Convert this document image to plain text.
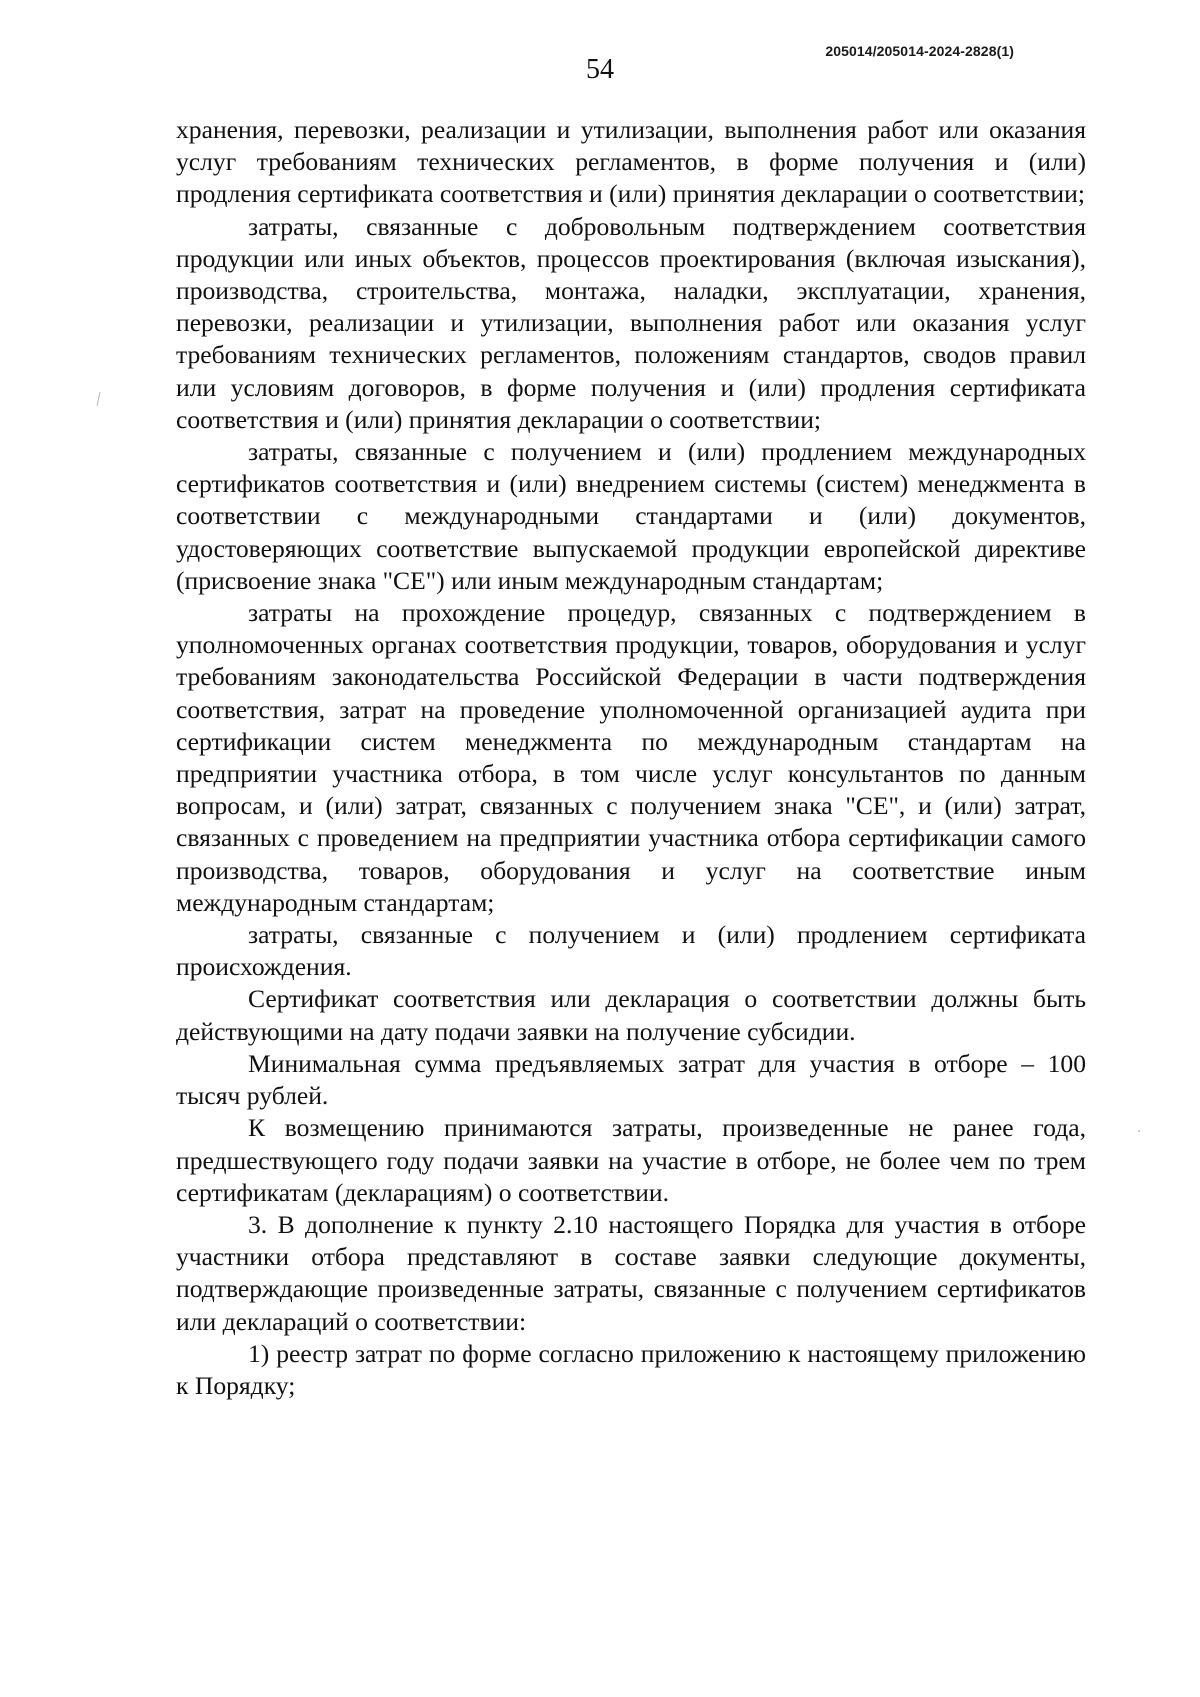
205014/205014-2024-2828(1)
54

хранения, перевозки, реализации и утилизации, выполнения работ или оказания услуг требованиям технических регламентов, в форме получения и (или) продления сертификата соответствия и (или) принятия декларации о соответствии;

затраты, связанные с добровольным подтверждением соответствия продукции или иных объектов, процессов проектирования (включая изыскания), производства, строительства, монтажа, наладки, эксплуатации, хранения, перевозки, реализации и утилизации, выполнения работ или оказания услуг требованиям технических регламентов, положениям стандартов, сводов правил или условиям договоров, в форме получения и (или) продления сертификата соответствия и (или) принятия декларации о соответствии;

затраты, связанные с получением и (или) продлением международных сертификатов соответствия и (или) внедрением системы (систем) менеджмента в соответствии с международными стандартами и (или) документов, удостоверяющих соответствие выпускаемой продукции европейской директиве (присвоение знака "CE") или иным международным стандартам;

затраты на прохождение процедур, связанных с подтверждением в уполномоченных органах соответствия продукции, товаров, оборудования и услуг требованиям законодательства Российской Федерации в части подтверждения соответствия, затрат на проведение уполномоченной организацией аудита при сертификации систем менеджмента по международным стандартам на предприятии участника отбора, в том числе услуг консультантов по данным вопросам, и (или) затрат, связанных с получением знака "CE", и (или) затрат, связанных с проведением на предприятии участника отбора сертификации самого производства, товаров, оборудования и услуг на соответствие иным международным стандартам;

затраты, связанные с получением и (или) продлением сертификата происхождения.

Сертификат соответствия или декларация о соответствии должны быть действующими на дату подачи заявки на получение субсидии.

Минимальная сумма предъявляемых затрат для участия в отборе – 100 тысяч рублей.

К возмещению принимаются затраты, произведенные не ранее года, предшествующего году подачи заявки на участие в отборе, не более чем по трем сертификатам (декларациям) о соответствии.

3. В дополнение к пункту 2.10 настоящего Порядка для участия в отборе участники отбора представляют в составе заявки следующие документы, подтверждающие произведенные затраты, связанные с получением сертификатов или деклараций о соответствии:

1) реестр затрат по форме согласно приложению к настоящему приложению к Порядку;
